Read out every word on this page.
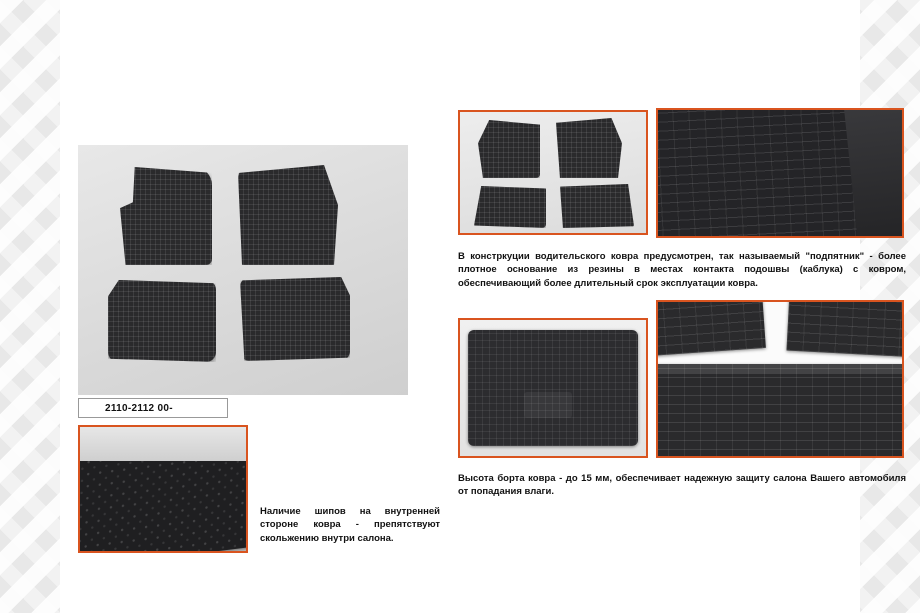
2110-2112 00-
Наличие шипов на внутренней стороне ковра - препятствуют скольжению внутри салона.
В констркуции водительского ковра предусмотрен, так называемый "подпятник" - более плотное основание из резины в местах контакта подошвы (каблука) с ковром, обеспечивающий более длительный срок эксплуатации ковра.
Высота борта ковра - до 15 мм, обеспечивает надежную защиту салона Вашего автомобиля от попадания влаги.
